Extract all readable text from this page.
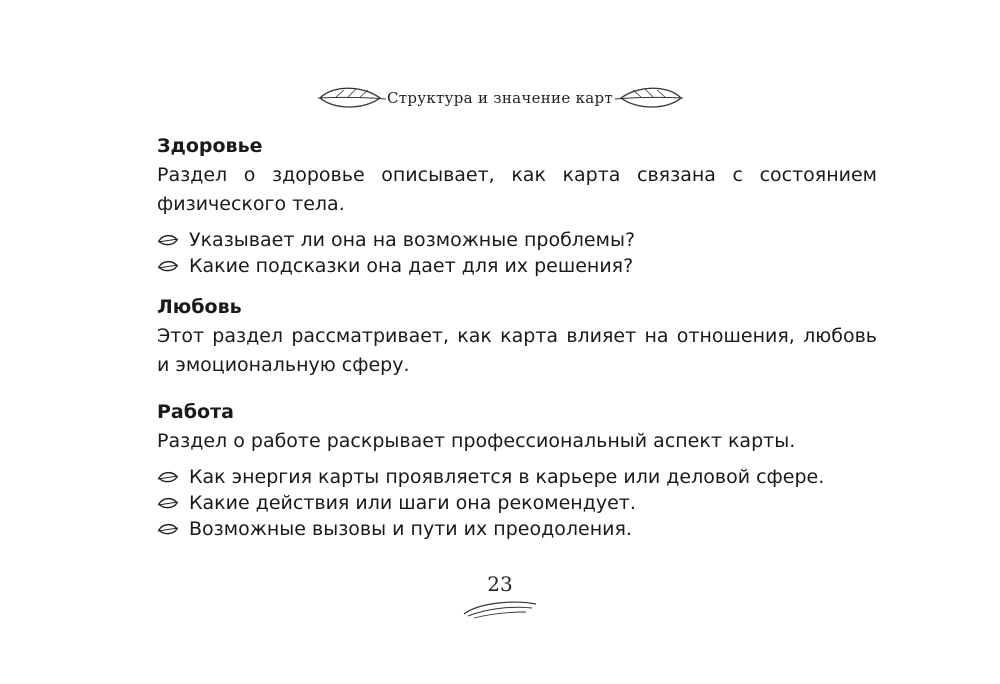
Структура и значение карт

Здоровье

Раздел о здоровье описывает, как карта связана с состоянием физического тела.

Указывает ли она на возможные проблемы?
Какие подсказки она дает для их решения?

Любовь

Этот раздел рассматривает, как карта влияет на отношения, любовь и эмоциональную сферу.

Работа

Раздел о работе раскрывает профессиональный аспект карты.

Как энергия карты проявляется в карьере или деловой сфере.
Какие действия или шаги она рекомендует.
Возможные вызовы и пути их преодоления.
23
